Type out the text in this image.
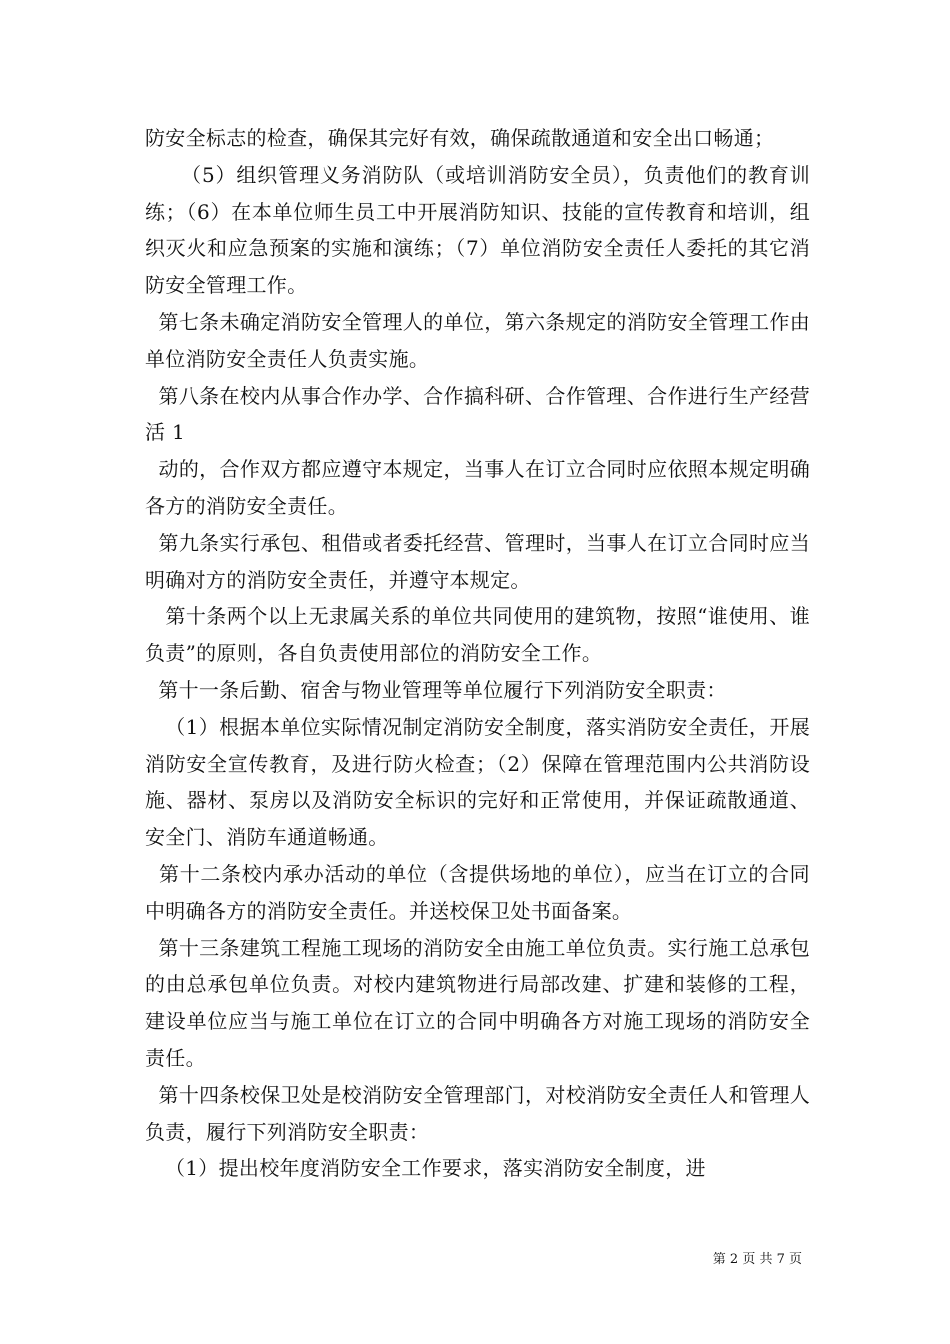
防安全标志的检查，确保其完好有效，确保疏散通道和安全出口畅通；

（5）组织管理义务消防队（或培训消防安全员），负责他们的教育训练；（6）在本单位师生员工中开展消防知识、技能的宣传教育和培训，组织灭火和应急预案的实施和演练；（7）单位消防安全责任人委托的其它消防安全管理工作。

第七条未确定消防安全管理人的单位，第六条规定的消防安全管理工作由单位消防安全责任人负责实施。

第八条在校内从事合作办学、合作搞科研、合作管理、合作进行生产经营活 1

动的，合作双方都应遵守本规定，当事人在订立合同时应依照本规定明确各方的消防安全责任。

第九条实行承包、租借或者委托经营、管理时，当事人在订立合同时应当明确对方的消防安全责任，并遵守本规定。

第十条两个以上无隶属关系的单位共同使用的建筑物，按照“谁使用、谁负责”的原则，各自负责使用部位的消防安全工作。

第十一条后勤、宿舍与物业管理等单位履行下列消防安全职责：

（1）根据本单位实际情况制定消防安全制度，落实消防安全责任，开展消防安全宣传教育，及进行防火检查；（2）保障在管理范围内公共消防设施、器材、泵房以及消防安全标识的完好和正常使用，并保证疏散通道、安全门、消防车通道畅通。

第十二条校内承办活动的单位（含提供场地的单位），应当在订立的合同中明确各方的消防安全责任。并送校保卫处书面备案。

第十三条建筑工程施工现场的消防安全由施工单位负责。实行施工总承包的由总承包单位负责。对校内建筑物进行局部改建、扩建和装修的工程，建设单位应当与施工单位在订立的合同中明确各方对施工现场的消防安全责任。

第十四条校保卫处是校消防安全管理部门，对校消防安全责任人和管理人负责，履行下列消防安全职责：

（1）提出校年度消防安全工作要求，落实消防安全制度，进

第 2 页 共 7 页
